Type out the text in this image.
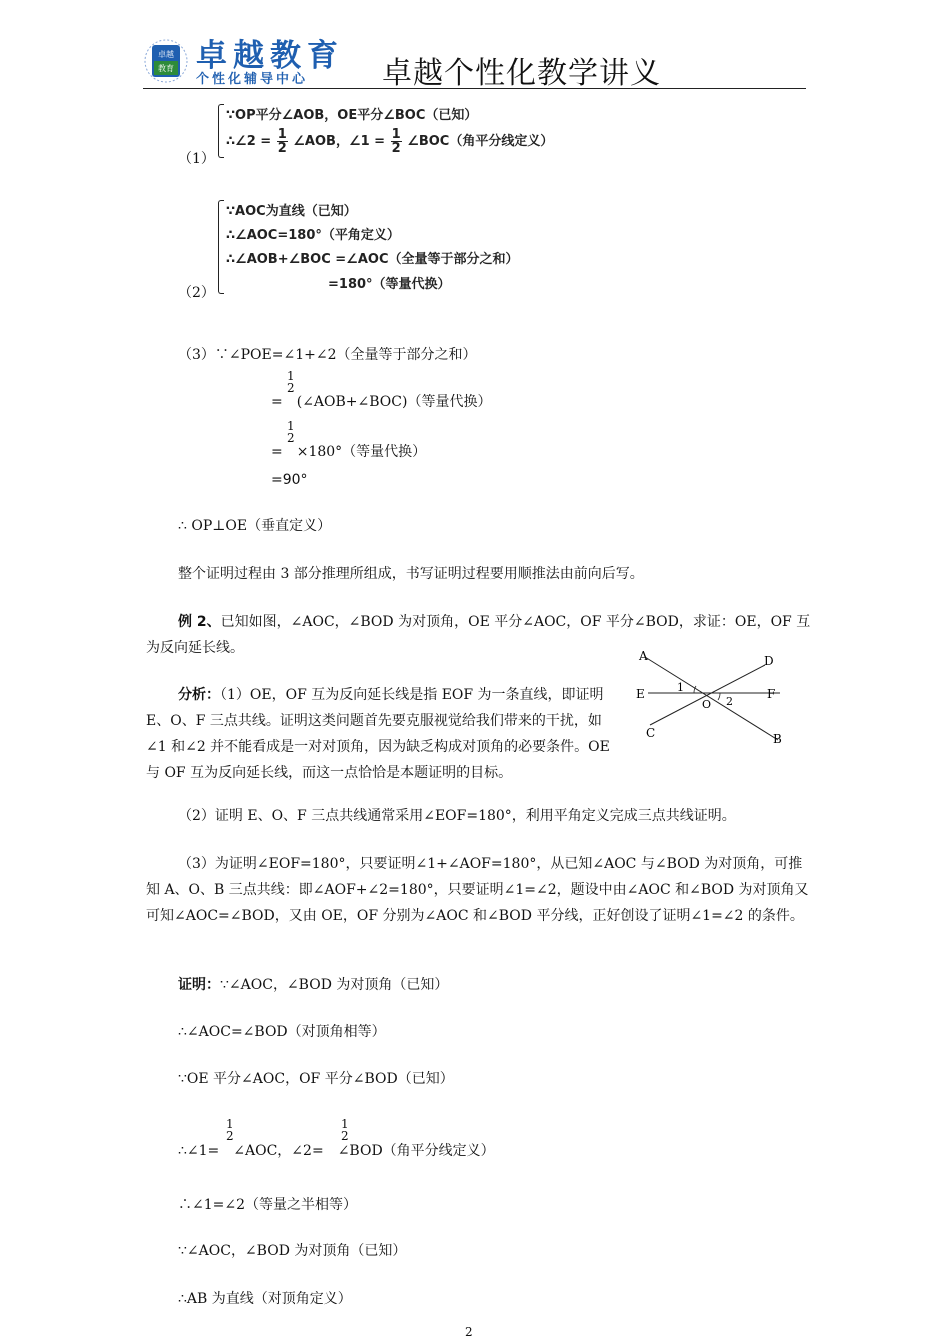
卓越
教育 卓越教育
个性化辅导中心 卓越个性化教学讲义
∵OP平分∠AOB，OE平分∠BOC（已知）
∴∠2 = $\frac{1}{2}$ ∠AOB，∠1 = $\frac{1}{2}$ ∠BOC（角平分线定义）
（1）
∵AOC为直线（已知）
∴∠AOC=180°（平角定义）
∴∠AOB+∠BOC =∠AOC（全量等于部分之和）
=180°（等量代换）
（2）
（3）∵∠POE=∠1+∠2（全量等于部分之和）
1
2
= (∠AOB+∠BOC)（等量代换）
1
2
= ×180°（等量代换）
=90°
∴ OP⊥OE（垂直定义）
整个证明过程由 3 部分推理所组成，书写证明过程要用顺推法由前向后写。
例 2、已知如图，∠AOC，∠BOD 为对顶角，OE 平分∠AOC，OF 平分∠BOD，求证：OE，OF 互为反向延长线。	A	D
E	F
O
C	B
1
2
分析：（1）OE，OF 互为反向延长线是指 EOF 为一条直线，即证明 E、O、F 三点共线。证明这类问题首先要克服视觉给我们带来的干扰，如∠1 和∠2 并不能看成是一对对顶角，因为缺乏构成对顶角的必要条件。OE 与 OF 互为反向延长线，而这一点恰恰是本题证明的目标。
（2）证明 E、O、F 三点共线通常采用∠EOF=180°，利用平角定义完成三点共线证明。
（3）为证明∠EOF=180°，只要证明∠1+∠AOF=180°，从已知∠AOC 与∠BOD 为对顶角，可推知 A、O、B 三点共线：即∠AOF+∠2=180°，只要证明∠1=∠2，题设中由∠AOC 和∠BOD 为对顶角又可知∠AOC=∠BOD，又由 OE，OF 分别为∠AOC 和∠BOD 平分线，正好创设了证明∠1=∠2 的条件。
证明：∵∠AOC，∠BOD 为对顶角（已知）
∴∠AOC=∠BOD（对顶角相等）
∵OE 平分∠AOC，OF 平分∠BOD（已知）
1
2
1
2
∴∠1= ∠AOC，∠2= ∠BOD（角平分线定义）
∴∠1=∠2（等量之半相等）
∵∠AOC，∠BOD 为对顶角（已知）
∴AB 为直线（对顶角定义）
2
